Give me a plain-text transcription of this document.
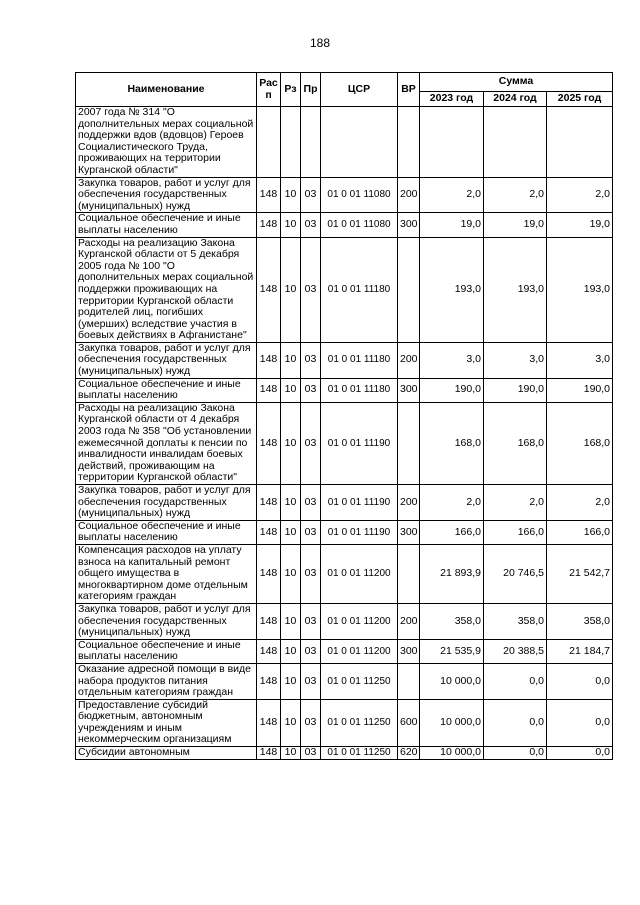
188
Наименование	Рас п	Рз	Пр	ЦСР	ВР	Сумма		
						2023 год	2024 год	2025 год
2007 года № 314 "О дополнительных мерах социальной поддержки вдов (вдовцов) Героев Социалистического Труда, проживающих на территории Курганской области"								
Закупка товаров, работ и услуг для обеспечения государственных (муниципальных) нужд	148	10	03	01 0 01 11080	200	2,0	2,0	2,0
Социальное обеспечение и иные выплаты населению	148	10	03	01 0 01 11080	300	19,0	19,0	19,0
Расходы на реализацию Закона Курганской области от 5 декабря 2005 года № 100 "О дополнительных мерах социальной поддержки проживающих на территории Курганской области родителей лиц, погибших (умерших) вследствие участия в боевых действиях в Афганистане"	148	10	03	01 0 01 11180		193,0	193,0	193,0
Закупка товаров, работ и услуг для обеспечения государственных (муниципальных) нужд	148	10	03	01 0 01 11180	200	3,0	3,0	3,0
Социальное обеспечение и иные выплаты населению	148	10	03	01 0 01 11180	300	190,0	190,0	190,0
Расходы на реализацию Закона Курганской области от 4 декабря 2003 года № 358 "Об установлении ежемесячной доплаты к пенсии по инвалидности инвалидам боевых действий, проживающим на территории Курганской области"	148	10	03	01 0 01 11190		168,0	168,0	168,0
Закупка товаров, работ и услуг для обеспечения государственных (муниципальных) нужд	148	10	03	01 0 01 11190	200	2,0	2,0	2,0
Социальное обеспечение и иные выплаты населению	148	10	03	01 0 01 11190	300	166,0	166,0	166,0
Компенсация расходов на уплату взноса на капитальный ремонт общего имущества в многоквартирном доме отдельным категориям граждан	148	10	03	01 0 01 11200		21 893,9	20 746,5	21 542,7
Закупка товаров, работ и услуг для обеспечения государственных (муниципальных) нужд	148	10	03	01 0 01 11200	200	358,0	358,0	358,0
Социальное обеспечение и иные выплаты населению	148	10	03	01 0 01 11200	300	21 535,9	20 388,5	21 184,7
Оказание адресной помощи в виде набора продуктов питания отдельным категориям граждан	148	10	03	01 0 01 11250		10 000,0	0,0	0,0
Предоставление субсидий бюджетным, автономным учреждениям и иным некоммерческим организациям	148	10	03	01 0 01 11250	600	10 000,0	0,0	0,0
Субсидии автономным	148	10	03	01 0 01 11250	620	10 000,0	0,0	0,0
